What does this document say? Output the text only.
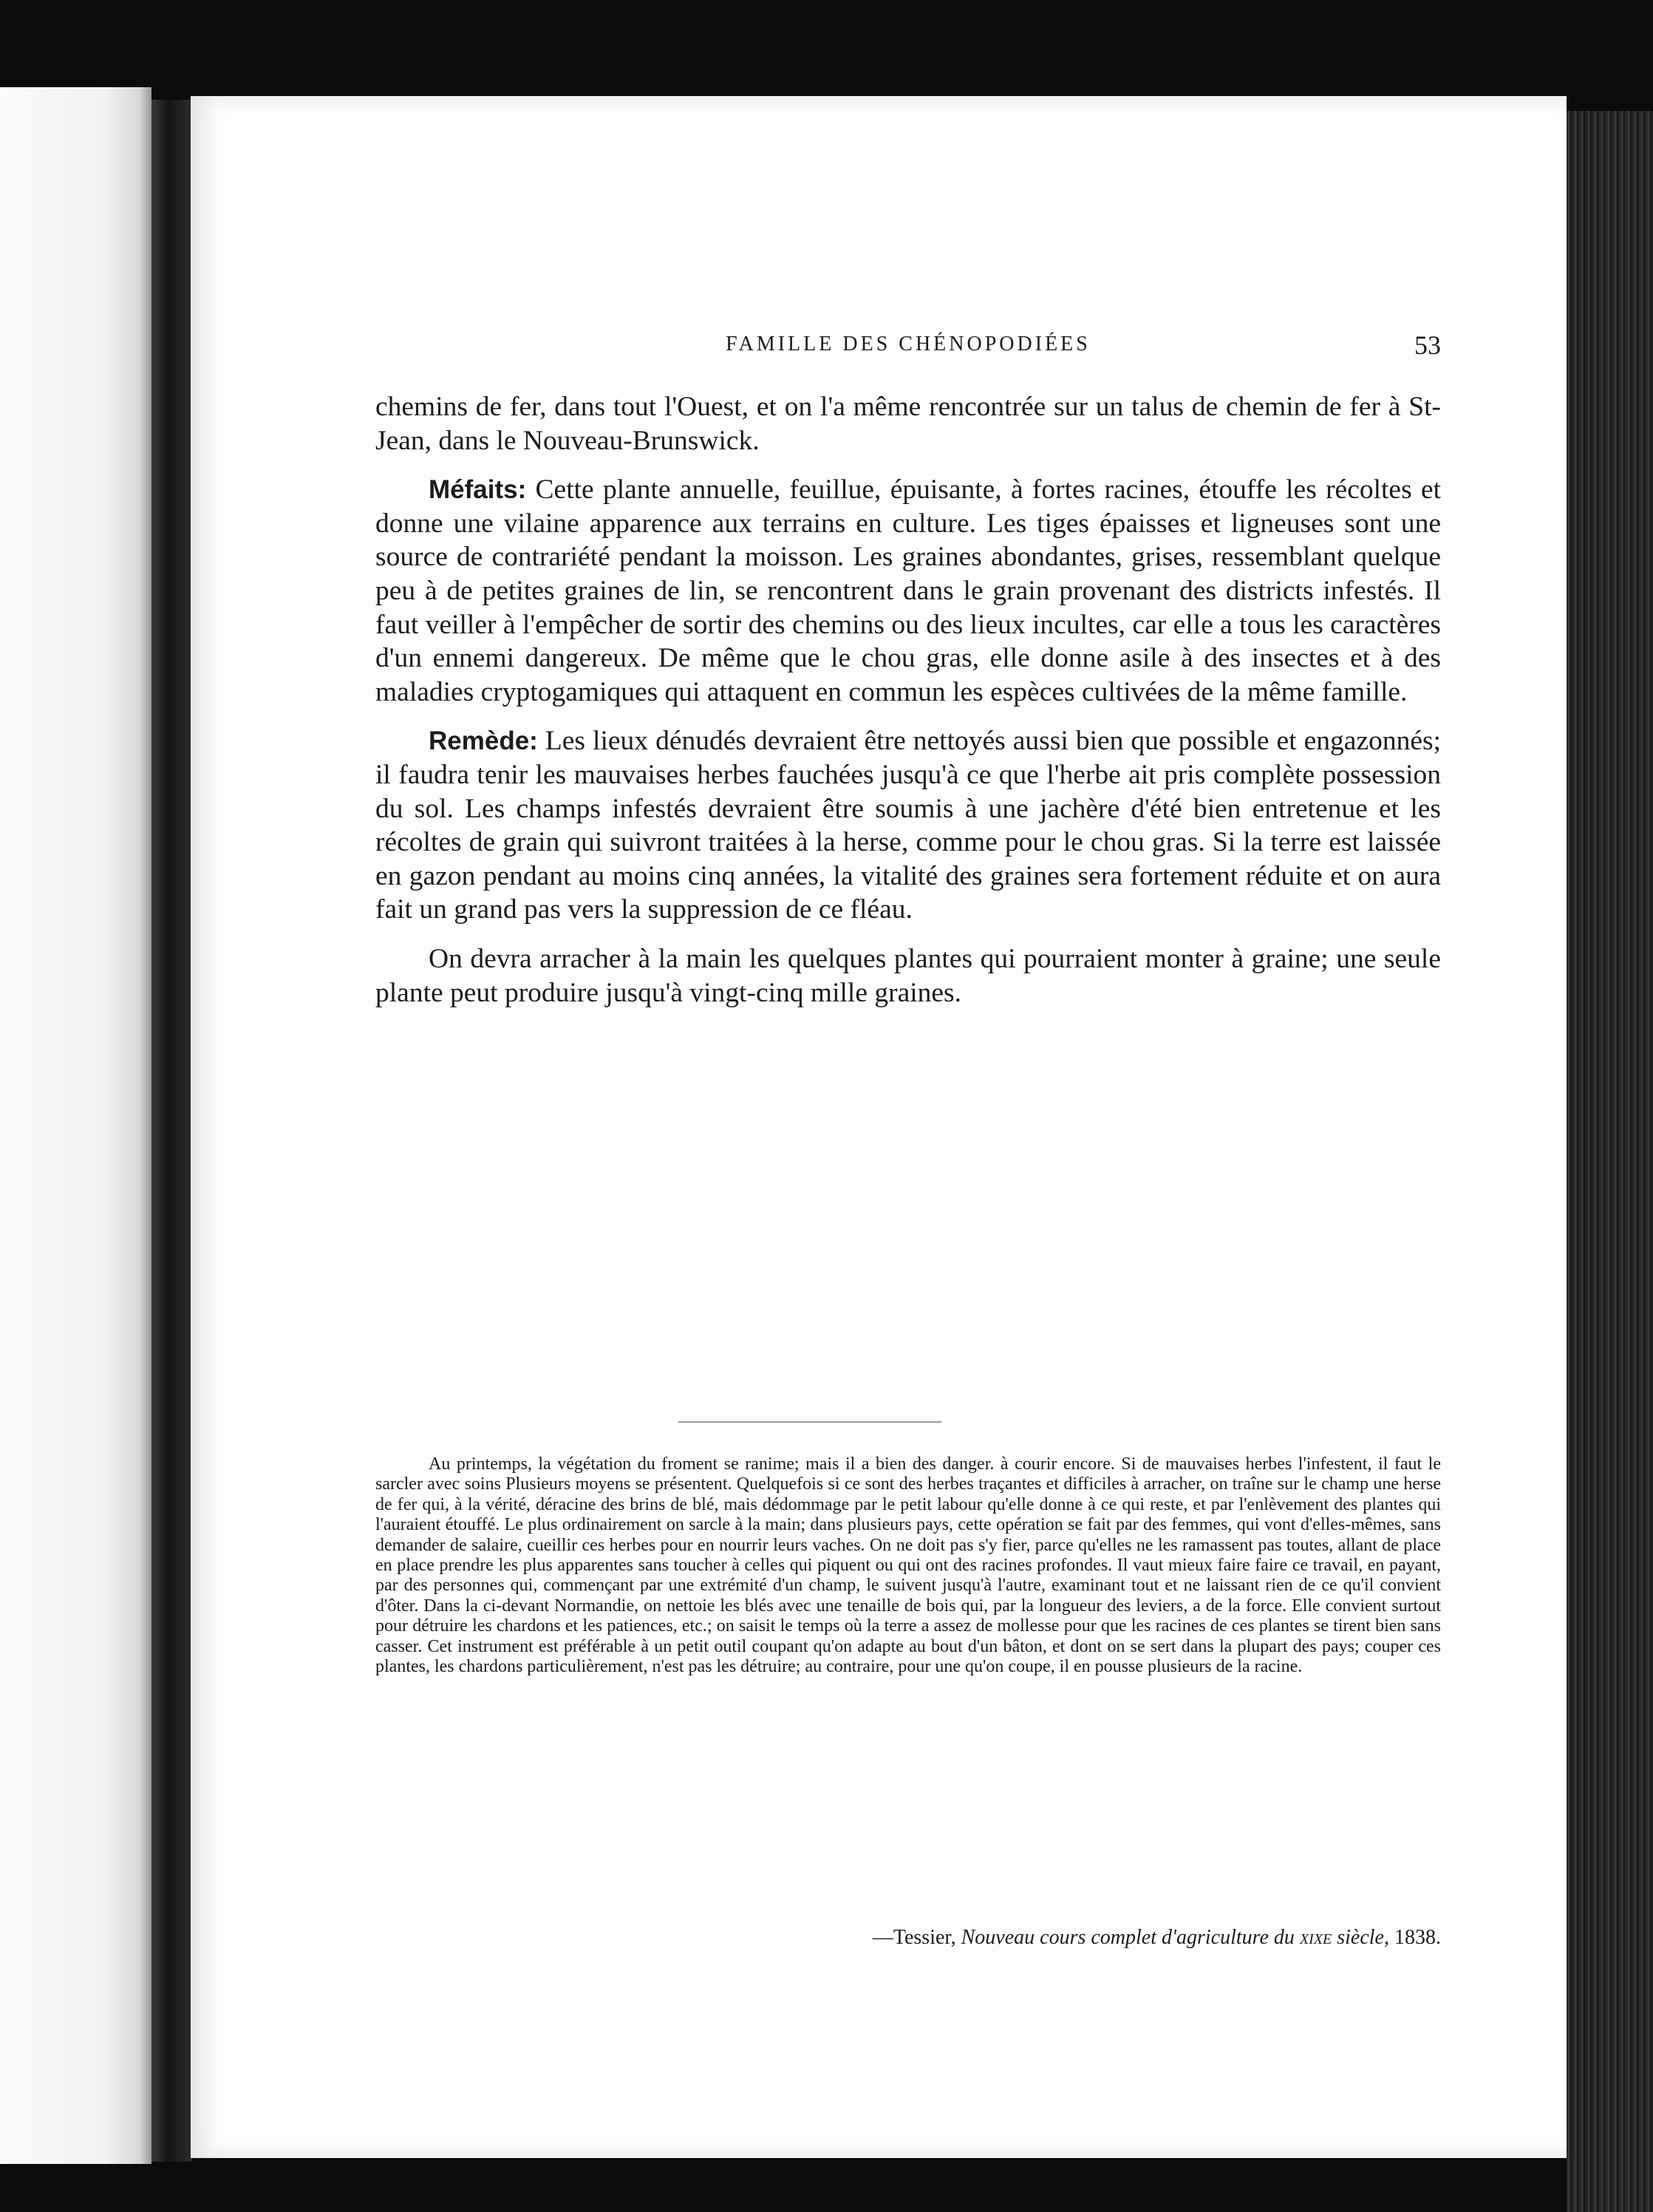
FAMILLE DES CHÉNOPODIÉES	53

chemins de fer, dans tout l'Ouest, et on l'a même rencontrée sur un talus de chemin de fer à St-Jean, dans le Nouveau-Brunswick.

Méfaits: Cette plante annuelle, feuillue, épuisante, à fortes racines, étouffe les récoltes et donne une vilaine apparence aux terrains en culture. Les tiges épaisses et ligneuses sont une source de contrariété pendant la moisson. Les graines abondantes, grises, ressemblant quelque peu à de petites graines de lin, se rencontrent dans le grain provenant des districts infestés. Il faut veiller à l'empêcher de sortir des chemins ou des lieux incultes, car elle a tous les caractères d'un ennemi dangereux. De même que le chou gras, elle donne asile à des insectes et à des maladies cryptogamiques qui attaquent en commun les espèces cultivées de la même famille.

Remède: Les lieux dénudés devraient être nettoyés aussi bien que possible et engazonnés; il faudra tenir les mauvaises herbes fauchées jusqu'à ce que l'herbe ait pris complète possession du sol. Les champs infestés devraient être soumis à une jachère d'été bien entretenue et les récoltes de grain qui suivront traitées à la herse, comme pour le chou gras. Si la terre est laissée en gazon pendant au moins cinq années, la vitalité des graines sera fortement réduite et on aura fait un grand pas vers la suppression de ce fléau.

On devra arracher à la main les quelques plantes qui pourraient monter à graine; une seule plante peut produire jusqu'à vingt-cinq mille graines.

Au printemps, la végétation du froment se ranime; mais il a bien des danger. à courir encore. Si de mauvaises herbes l'infestent, il faut le sarcler avec soins Plusieurs moyens se présentent. Quelquefois si ce sont des herbes traçantes et difficiles à arracher, on traîne sur le champ une herse de fer qui, à la vérité, déracine des brins de blé, mais dédommage par le petit labour qu'elle donne à ce qui reste, et par l'enlèvement des plantes qui l'auraient étouffé. Le plus ordinairement on sarcle à la main; dans plusieurs pays, cette opération se fait par des femmes, qui vont d'elles-mêmes, sans demander de salaire, cueillir ces herbes pour en nourrir leurs vaches. On ne doit pas s'y fier, parce qu'elles ne les ramassent pas toutes, allant de place en place prendre les plus apparentes sans toucher à celles qui piquent ou qui ont des racines profondes. Il vaut mieux faire faire ce travail, en payant, par des personnes qui, commençant par une extrémité d'un champ, le suivent jusqu'à l'autre, examinant tout et ne laissant rien de ce qu'il convient d'ôter. Dans la ci-devant Normandie, on nettoie les blés avec une tenaille de bois qui, par la longueur des leviers, a de la force. Elle convient surtout pour détruire les chardons et les patiences, etc.; on saisit le temps où la terre a assez de mollesse pour que les racines de ces plantes se tirent bien sans casser. Cet instrument est préférable à un petit outil coupant qu'on adapte au bout d'un bâton, et dont on se sert dans la plupart des pays; couper ces plantes, les chardons particulièrement, n'est pas les détruire; au contraire, pour une qu'on coupe, il en pousse plusieurs de la racine.

—Tessier, Nouveau cours complet d'agriculture du xixe siècle, 1838.
